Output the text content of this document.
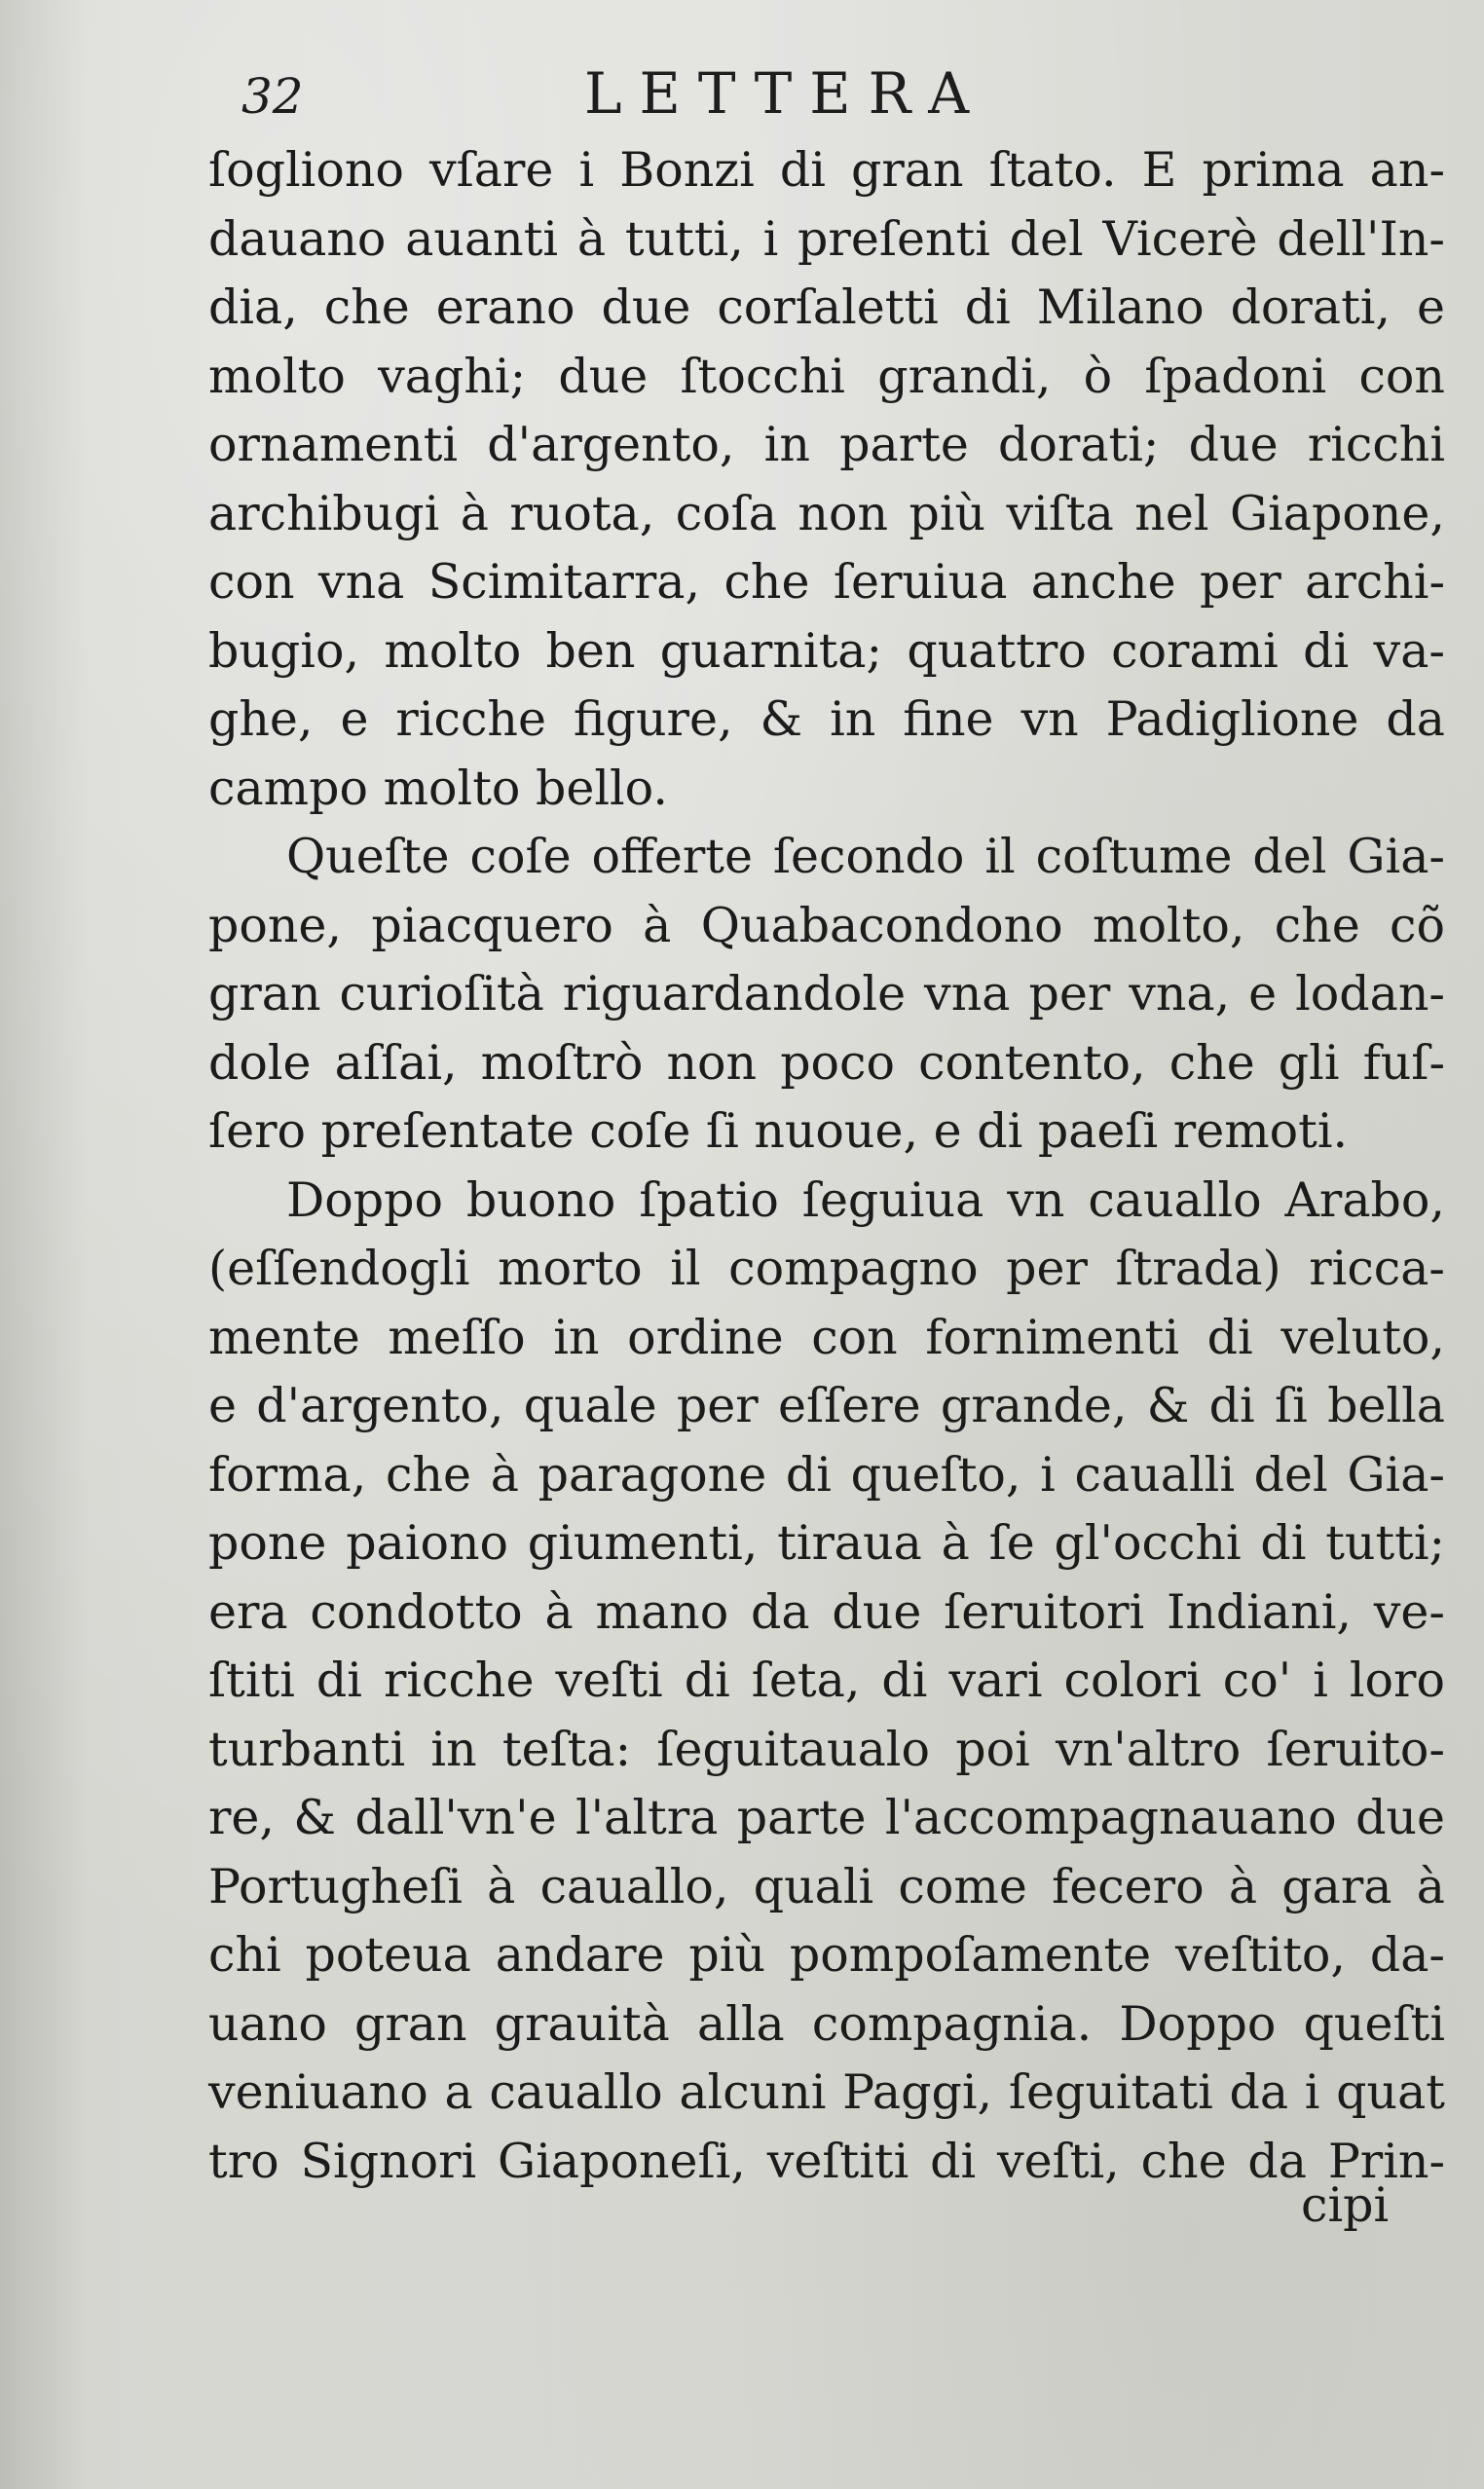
32	LETTERA
ſogliono vſare i Bonzi di gran ſtato. E prima an-
dauano auanti à tutti, i preſenti del Vicerè dell'In-
dia, che erano due corſaletti di Milano dorati, e
molto vaghi; due ſtocchi grandi, ò ſpadoni con
ornamenti d'argento, in parte dorati; due ricchi
archibugi à ruota, coſa non più viſta nel Giapone,
con vna Scimitarra, che ſeruiua anche per archi-
bugio, molto ben guarnita; quattro corami di va-
ghe, e ricche figure, & in fine vn Padiglione da
campo molto bello.
Queſte coſe offerte ſecondo il coſtume del Gia-
pone, piacquero à Quabacondono molto, che cõ
gran curioſità riguardandole vna per vna, e lodan-
dole aſſai, moſtrò non poco contento, che gli fuſ-
ſero preſentate coſe ſi nuoue, e di paeſi remoti.
Doppo buono ſpatio ſeguiua vn cauallo Arabo,
(eſſendogli morto il compagno per ſtrada) ricca-
mente meſſo in ordine con fornimenti di veluto,
e d'argento, quale per eſſere grande, & di ſi bella
forma, che à paragone di queſto, i caualli del Gia-
pone paiono giumenti, tiraua à ſe gl'occhi di tutti;
era condotto à mano da due ſeruitori Indiani, ve-
ſtiti di ricche veſti di ſeta, di vari colori co' i loro
turbanti in teſta: ſeguitaualo poi vn'altro ſeruito-
re, & dall'vn'e l'altra parte l'accompagnauano due
Portugheſi à cauallo, quali come fecero à gara à
chi poteua andare più pompoſamente veſtito, da-
uano gran grauità alla compagnia. Doppo queſti
veniuano a cauallo alcuni Paggi, ſeguitati da i quat
tro Signori Giaponeſi, veſtiti di veſti, che da Prin-
cipi
